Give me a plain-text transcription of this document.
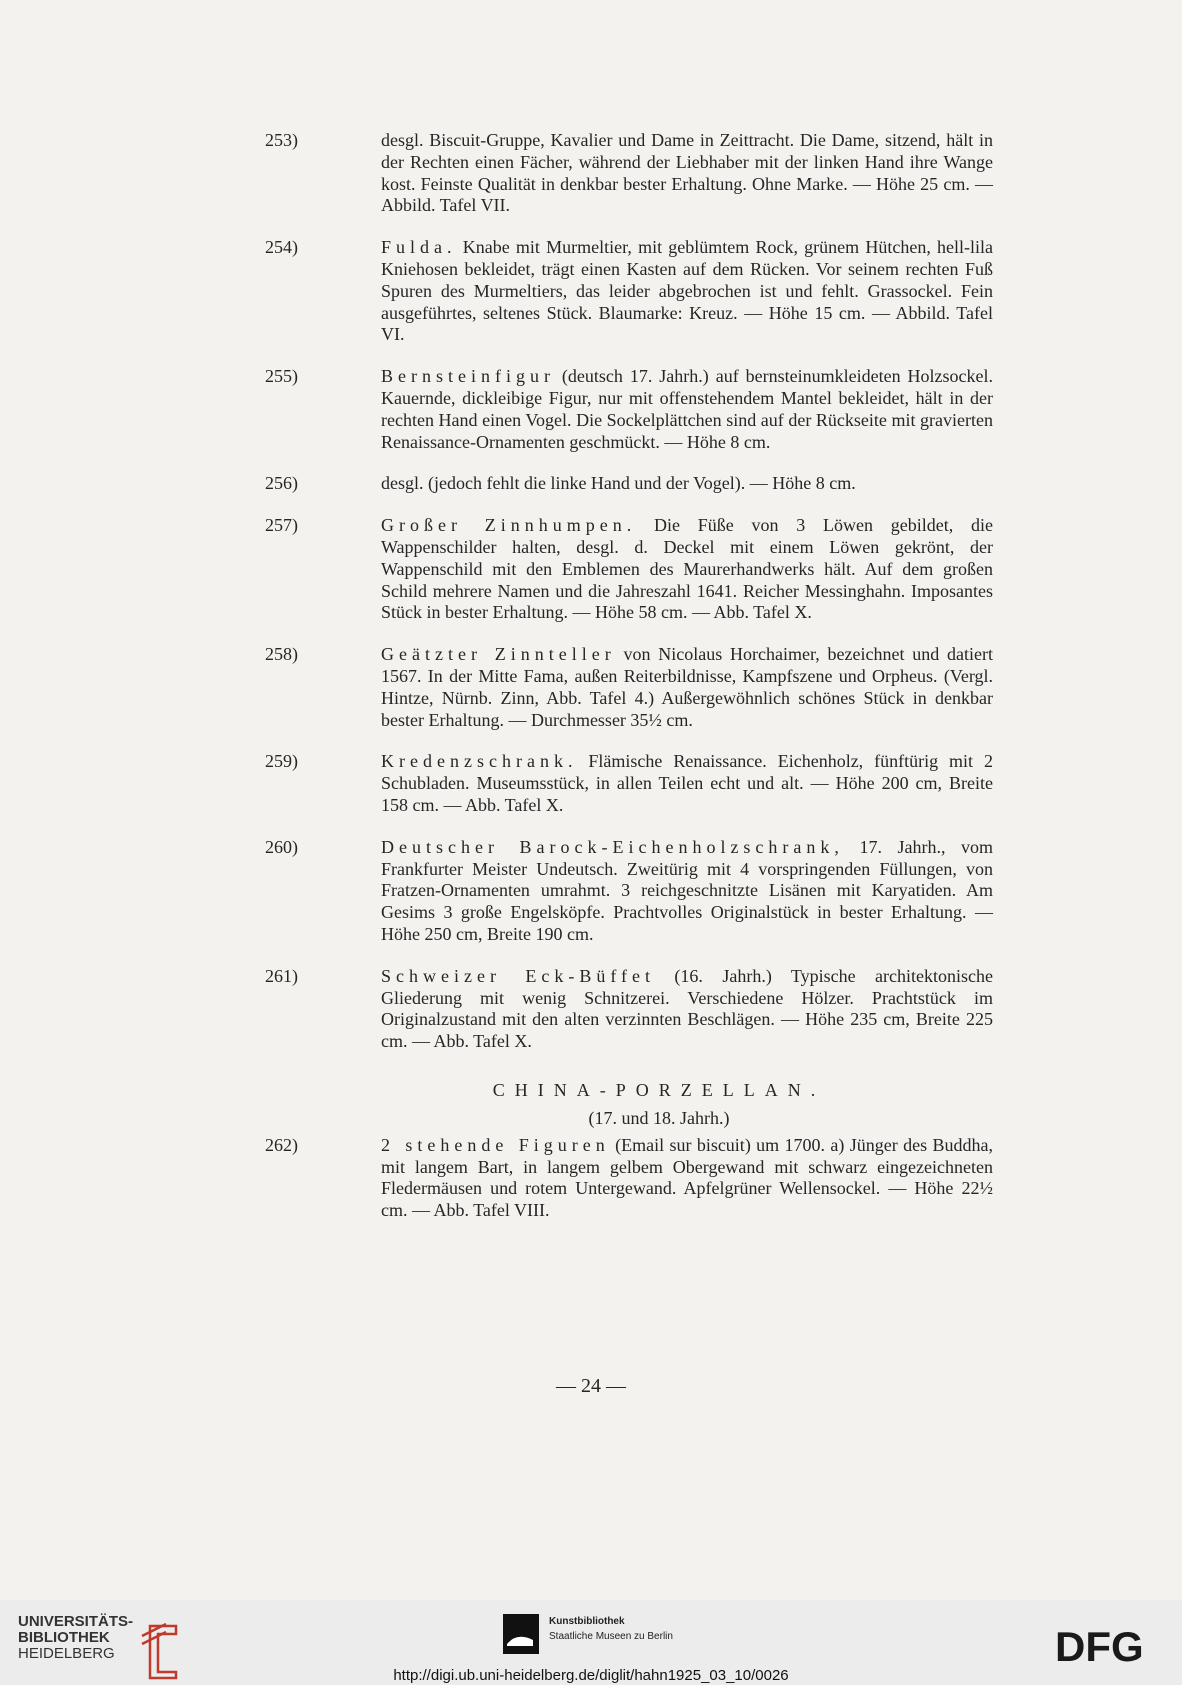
253)	desgl. Biscuit-Gruppe, Kavalier und Dame in Zeittracht. Die Dame, sitzend, hält in der Rechten einen Fächer, während der Liebhaber mit der linken Hand ihre Wange kost. Feinste Qualität in denkbar bester Erhaltung. Ohne Marke. — Höhe 25 cm. — Abbild. Tafel VII.
254)	Fulda. Knabe mit Murmeltier, mit geblümtem Rock, grünem Hütchen, hell-lila Kniehosen bekleidet, trägt einen Kasten auf dem Rücken. Vor seinem rechten Fuß Spuren des Murmeltiers, das leider abgebrochen ist und fehlt. Grassockel. Fein ausgeführtes, seltenes Stück. Blaumarke: Kreuz. — Höhe 15 cm. — Abbild. Tafel VI.
255)	Bernsteinfigur (deutsch 17. Jahrh.) auf bernsteinumkleideten Holzsockel. Kauernde, dickleibige Figur, nur mit offenstehendem Mantel bekleidet, hält in der rechten Hand einen Vogel. Die Sockelplättchen sind auf der Rückseite mit gravierten Renaissance-Ornamenten geschmückt. — Höhe 8 cm.
256)	desgl. (jedoch fehlt die linke Hand und der Vogel). — Höhe 8 cm.
257)	Großer Zinnhumpen. Die Füße von 3 Löwen gebildet, die Wappenschilder halten, desgl. d. Deckel mit einem Löwen gekrönt, der Wappenschild mit den Emblemen des Maurerhandwerks hält. Auf dem großen Schild mehrere Namen und die Jahreszahl 1641. Reicher Messinghahn. Imposantes Stück in bester Erhaltung. — Höhe 58 cm. — Abb. Tafel X.
258)	Geätzter Zinnteller von Nicolaus Horchaimer, bezeichnet und datiert 1567. In der Mitte Fama, außen Reiterbildnisse, Kampfszene und Orpheus. (Vergl. Hintze, Nürnb. Zinn, Abb. Tafel 4.) Außergewöhnlich schönes Stück in denkbar bester Erhaltung. — Durchmesser 35½ cm.
259)	Kredenzschrank. Flämische Renaissance. Eichenholz, fünftürig mit 2 Schubladen. Museumsstück, in allen Teilen echt und alt. — Höhe 200 cm, Breite 158 cm. — Abb. Tafel X.
260)	Deutscher Barock-Eichenholzschrank, 17. Jahrh., vom Frankfurter Meister Undeutsch. Zweitürig mit 4 vorspringenden Füllungen, von Fratzen-Ornamenten umrahmt. 3 reichgeschnitzte Lisänen mit Karyatiden. Am Gesims 3 große Engelsköpfe. Prachtvolles Originalstück in bester Erhaltung. — Höhe 250 cm, Breite 190 cm.
261)	Schweizer Eck-Büffet (16. Jahrh.) Typische architektonische Gliederung mit wenig Schnitzerei. Verschiedene Hölzer. Prachtstück im Originalzustand mit den alten verzinnten Beschlägen. — Höhe 235 cm, Breite 225 cm. — Abb. Tafel X.
CHINA-PORZELLAN.
(17. und 18. Jahrh.)
262)	2 stehende Figuren (Email sur biscuit) um 1700. a) Jünger des Buddha, mit langem Bart, in langem gelbem Obergewand mit schwarz eingezeichneten Fledermäusen und rotem Untergewand. Apfelgrüner Wellensockel. — Höhe 22½ cm. — Abb. Tafel VIII.
— 24 —
UNIVERSITÄTS-
BIBLIOTHEK
HEIDELBERG
Kunstbibliothek
Staatliche Museen zu Berlin	DFG
http://digi.ub.uni-heidelberg.de/diglit/hahn1925_03_10/0026
